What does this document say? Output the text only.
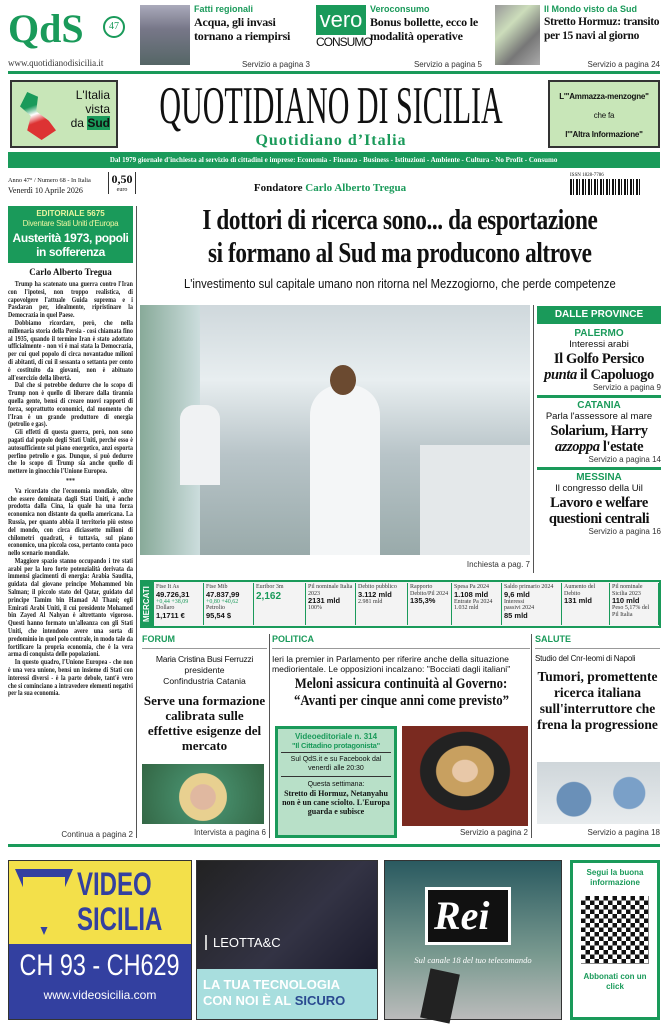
QdS	47
www.quotidianodisicilia.it
Fatti regionali
Acqua, gli invasi tornano a riempirsi
Servizio a pagina 3
vero
CONSUMO
Veroconsumo
Bonus bollette, ecco le modalità operative
Servizio a pagina 5
Il Mondo visto da Sud
Stretto Hormuz: transito per 15 navi al giorno
Servizio a pagina 24
L'Italia
vista
da Sud QUOTIDIANO DI SICILIA
Quotidiano d’Italia
L'"Ammazza-menzogne"
che fa
l'"Altra Informazione"
Dal 1979 giornale d'inchiesta al servizio di cittadini e imprese: Economia - Finanza - Business - Istituzioni - Ambiente - Cultura - No Profit - Consumo
Anno 47° / Numero 68 - In Italia
Venerdì 10 Aprile 2026
0,50
euro	Fondatore Carlo Alberto Tregua
ISSN 1828-7786
EDITORIALE 5675
Diventare Stati Uniti d'Europa
Austerità 1973, popoli in sofferenza
Carlo Alberto Tregua

Trump ha scatenato una guerra contro l'Iran con l'ipotesi, non troppo realistica, di capovolgere l'attuale Guida suprema e i Pasdaran per, idealmente, ripristinare la Democrazia in quel Paese.

Dobbiamo ricordare, però, che nella millenaria storia della Persia - così chiamata fino al 1935, quando il termine Iran è stato adottato ufficialmente - non vi è mai stata la Democrazia, per cui quel popolo di circa novantadue milioni di abitanti, di cui il sessanta o settanta per cento è costituito da giovani, non è abituato all'esercizio della libertà.

Dal che si potrebbe dedurre che lo scopo di Trump non è quello di liberare dalla tirannia quella gente, bensì di creare nuovi rapporti di forza, soprattutto economici, dal momento che l'Iran è un grande produttore di energia (petrolio e gas).

Gli effetti di questa guerra, però, non sono pagati dal popolo degli Stati Uniti, perché esso è autosufficiente sul piano energetico, anzi esporta perfino petrolio e gas. Dunque, si può dedurre che lo scopo di Trump sia anche quello di mettere in ginocchio l'Unione Europea.

***

Va ricordato che l'economia mondiale, oltre che essere dominata dagli Stati Uniti, è anche prodotta dalla Cina, la quale ha una forza economica non distante da quella americana. La Russia, per quanto abbia il territorio più esteso del mondo, con circa diciassette milioni di chilometri quadrati, è tuttavia, sul piano economico, una piccola cosa, pertanto conta poco nello scenario mondiale.

Maggiore spazio stanno occupando i tre stati arabi per la loro forte potenzialità derivata da immensi giacimenti di energia: Arabia Saudita, guidata dal giovane principe Mohammed bin Salman; il piccolo stato del Qatar, guidato dal principe Tamim bin Hamad Al Thani; egli Emirati Arabi Uniti, il cui presidente Mohamed bin Zayed Al Nahyan è altrettanto vigoroso. Questi hanno formato un'alleanza con gli Stati Uniti, che intendono avere una sorta di predominio in quel polo centrale, in modo tale da fortificare la propria economia, che è la vera arma di conquista delle popolazioni.

In questo quadro, l'Unione Europea - che non è una vera unione, bensì un insieme di Stati con interessi diversi - è la parte debole, tant'è vero che si cominciano a intravedere elementi negativi per la sua economia.

Continua a pagina 2
I dottori di ricerca sono... da esportazione
si formano al Sud ma producono altrove
L'investimento sul capitale umano non ritorna nel Mezzogiorno, che perde competenze
Inchiesta a pag. 7
DALLE PROVINCE
PALERMO
Interessi arabi
Il Golfo Persico
punta il Capoluogo
Servizio a pagina 9
CATANIA
Parla l'assessore al mare
Solarium, Harry
azzoppa l'estate
Servizio a pagina 14
MESSINA
Il congresso della Uil
Lavoro e welfare
questioni centrali
Servizio a pagina 16
MERCATI Ftse It As
49.726,31
+0,44 +38,09
Dollaro
1,1711 €
Ftse Mib
47.837,99
+0,80 +40,62
Petrolio
95,54 $
Euribor 3m
2,162
Pil nominale Italia 2023
2131 mld
100%
Debito pubblico
3.112 mld
2.981 mld
Rapporto Debito/Pil 2024
135,3%
Spesa Pa 2024
1.108 mld
Entrate Pa 2024
1.032 mld
Saldo primario 2024
9,6 mld
Interessi
passivi 2024
85 mld
Aumento del Debito
131 mld
Pil nominale Sicilia 2023
110 mld
Peso 5,17% del Pil Italia
FORUM
Maria Cristina Busi Ferruzzi
presidente
Confindustria Catania
Serve una formazione calibrata sulle effettive esigenze del mercato
Intervista a pagina 6
POLITICA
Ieri la premier in Parlamento per riferire anche della situazione mediorientale. Le opposizioni incalzano: "Bocciati dagli italiani"
Meloni assicura continuità al Governo:
“Avanti per cinque anni come previsto”
Videoeditoriale n. 314
"Il Cittadino protagonista"
Sul QdS.it e su Facebook dal venerdì alle 20:30
Questa settimana:
Stretto di Hormuz, Netanyahu non è un cane sciolto. L'Europa guarda e subisce
Servizio a pagina 2
SALUTE
Studio del Cnr-Ieomi di Napoli
Tumori, promettente ricerca italiana sull'interruttore che frena la progressione
Servizio a pagina 18
VIDEO
SICILIA
CH 93 - CH629
www.videosicilia.com
LEOTTA&C
LA TUA TECNOLOGIA
CON NOI È AL SICURO
Rei
Sul canale 18 del tuo telecomando
Segui la buona informazione
Abbonati con un click
